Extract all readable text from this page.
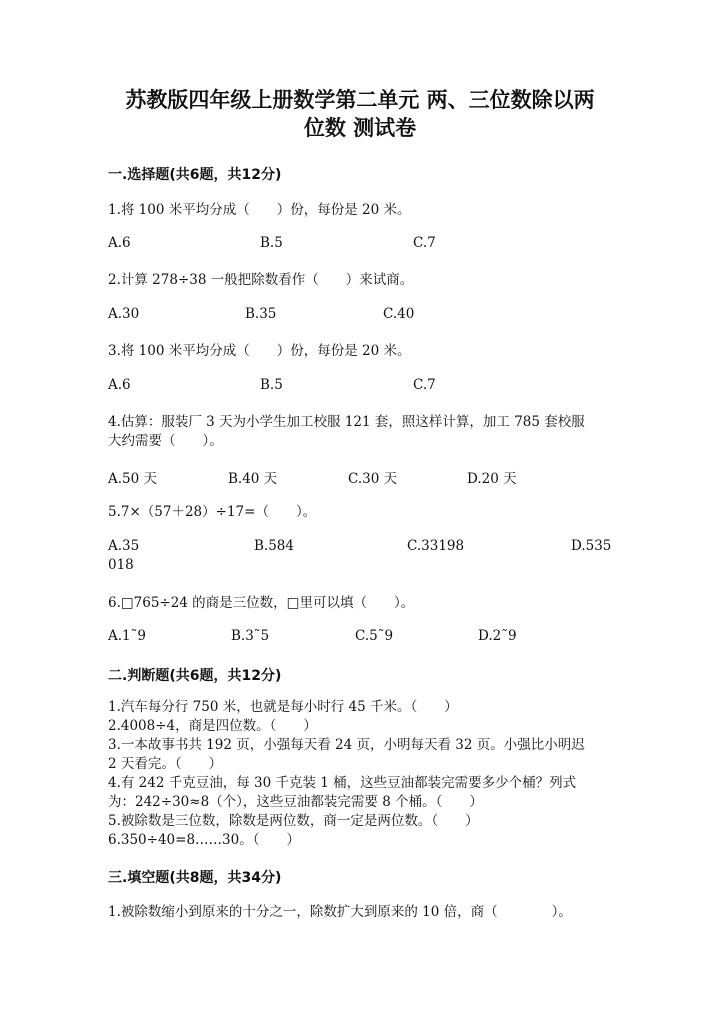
苏教版四年级上册数学第二单元 两、三位数除以两
位数 测试卷
一.选择题(共6题，共12分)
1.将 100 米平均分成（　　）份，每份是 20 米。
A.6	B.5	C.7
2.计算 278÷38 一般把除数看作（　　）来试商。
A.30	B.35	C.40
3.将 100 米平均分成（　　）份，每份是 20 米。
A.6	B.5	C.7
4.估算：服装厂 3 天为小学生加工校服 121 套，照这样计算，加工 785 套校服
大约需要（　　）。
A.50 天	B.40 天	C.30 天	D.20 天
5.7×（57＋28）÷17=（　　）。
A.35	B.584	C.33198	D.535
018
6.□765÷24 的商是三位数，□里可以填（　　）。
A.1˜9	B.3˜5	C.5˜9	D.2˜9
二.判断题(共6题，共12分)
1.汽车每分行 750 米，也就是每小时行 45 千米。（　　）
2.4008÷4，商是四位数。（　　）
3.一本故事书共 192 页，小强每天看 24 页，小明每天看 32 页。小强比小明迟
2 天看完。（　　）
4.有 242 千克豆油，每 30 千克装 1 桶，这些豆油都装完需要多少个桶？列式
为：242÷30≈8（个），这些豆油都装完需要 8 个桶。（　　）
5.被除数是三位数，除数是两位数，商一定是两位数。（　　）
6.350÷40=8……30。（　　）
三.填空题(共8题，共34分)
1.被除数缩小到原来的十分之一，除数扩大到原来的 10 倍，商（　　　　）。
